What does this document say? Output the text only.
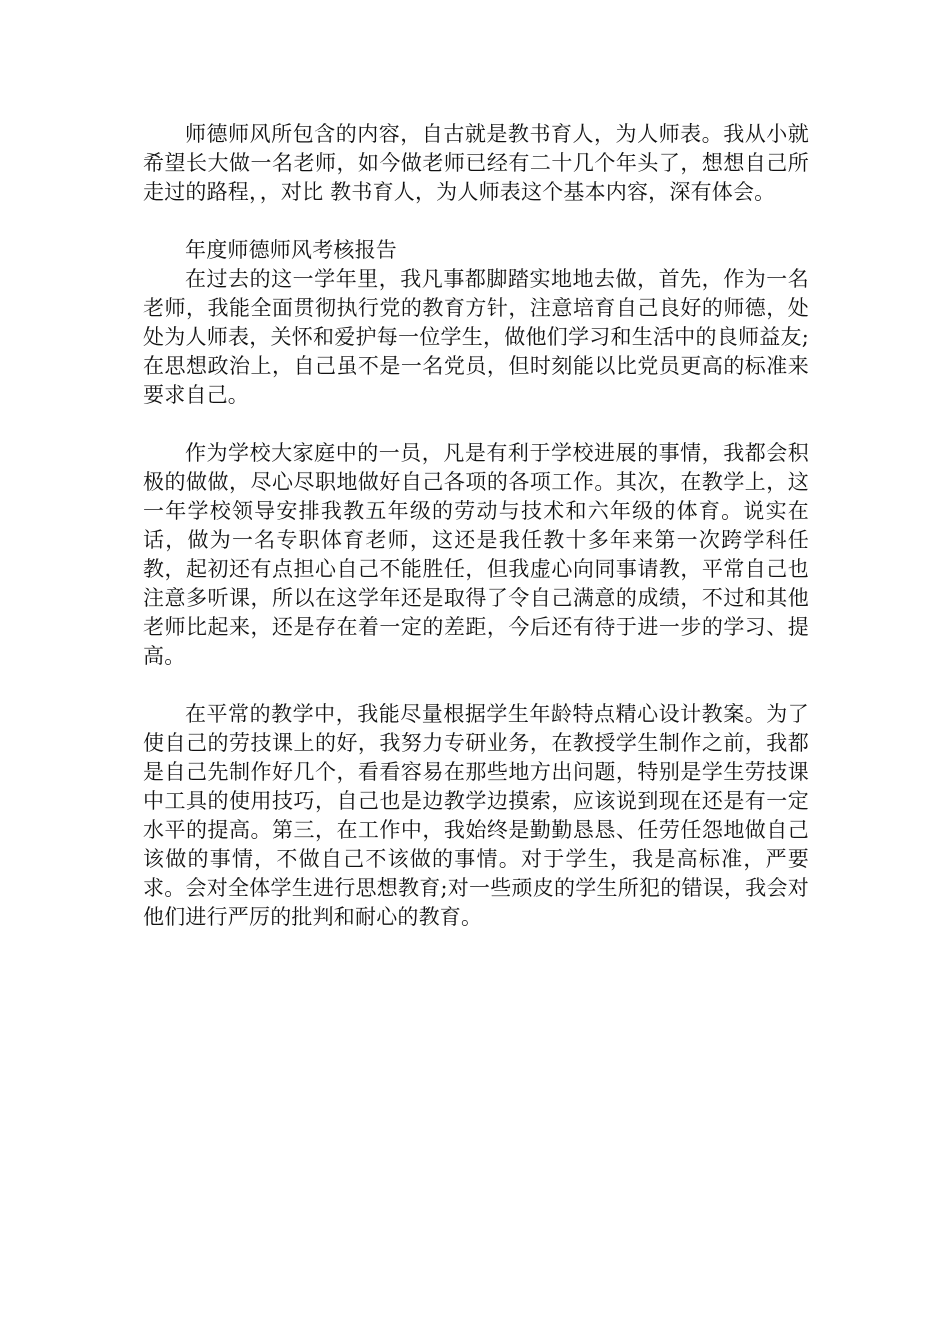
师德师风所包含的内容，自古就是教书育人，为人师表。我从小就希望长大做一名老师，如今做老师已经有二十几个年头了，想想自己所走过的路程，，对比 教书育人，为人师表这个基本内容，深有体会。

年度师德师风考核报告

在过去的这一学年里，我凡事都脚踏实地地去做，首先，作为一名老师，我能全面贯彻执行党的教育方针，注意培育自己良好的师德，处处为人师表，关怀和爱护每一位学生，做他们学习和生活中的良师益友;在思想政治上，自己虽不是一名党员，但时刻能以比党员更高的标准来要求自己。

作为学校大家庭中的一员，凡是有利于学校进展的事情，我都会积极的做做，尽心尽职地做好自己各项的各项工作。其次，在教学上，这一年学校领导安排我教五年级的劳动与技术和六年级的体育。说实在话，做为一名专职体育老师，这还是我任教十多年来第一次跨学科任教，起初还有点担心自己不能胜任，但我虚心向同事请教，平常自己也注意多听课，所以在这学年还是取得了令自己满意的成绩，不过和其他老师比起来，还是存在着一定的差距，今后还有待于进一步的学习、提高。

在平常的教学中，我能尽量根据学生年龄特点精心设计教案。为了使自己的劳技课上的好，我努力专研业务，在教授学生制作之前，我都是自己先制作好几个，看看容易在那些地方出问题，特别是学生劳技课中工具的使用技巧，自己也是边教学边摸索，应该说到现在还是有一定水平的提高。第三，在工作中，我始终是勤勤恳恳、任劳任怨地做自己该做的事情，不做自己不该做的事情。对于学生，我是高标准，严要求。会对全体学生进行思想教育;对一些顽皮的学生所犯的错误，我会对他们进行严厉的批判和耐心的教育。
